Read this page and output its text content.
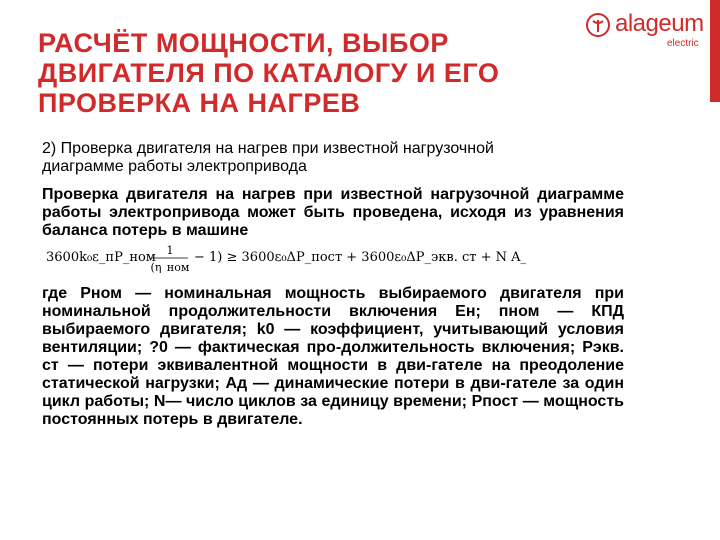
РАСЧЁТ МОЩНОСТИ, ВЫБОР
ДВИГАТЕЛЯ ПО КАТАЛОГУ И ЕГО
ПРОВЕРКА НА НАГРЕВ
alageum
electric
2) Проверка двигателя на нагрев при известной нагрузочной
диаграмме работы электропривода
Проверка двигателя на нагрев при известной нагрузочной диаграмме работы электропривода может быть проведена, исходя из уравнения баланса потерь в машине
3600k₀ε_пP_ном 1
(η_ном
− 1) ≥ 3600ε₀ΔP_пост + 3600ε₀ΔP_экв. ст + N A_д,
где Рном — номинальная мощность выбираемого двигателя при номинальной продолжительности включения Ен; пном — КПД выбираемого двигателя; k0 — коэффициент, учитывающий условия вентиляции; ?0 — фактическая про-должительность включения; Рэкв. ст — потери эквивалентной мощности в дви-гателе на преодоление статической нагрузки; Ад — динамические потери в дви-гателе за один цикл работы; N— число циклов за единицу времени; Рпост — мощность постоянных потерь в двигателе.
